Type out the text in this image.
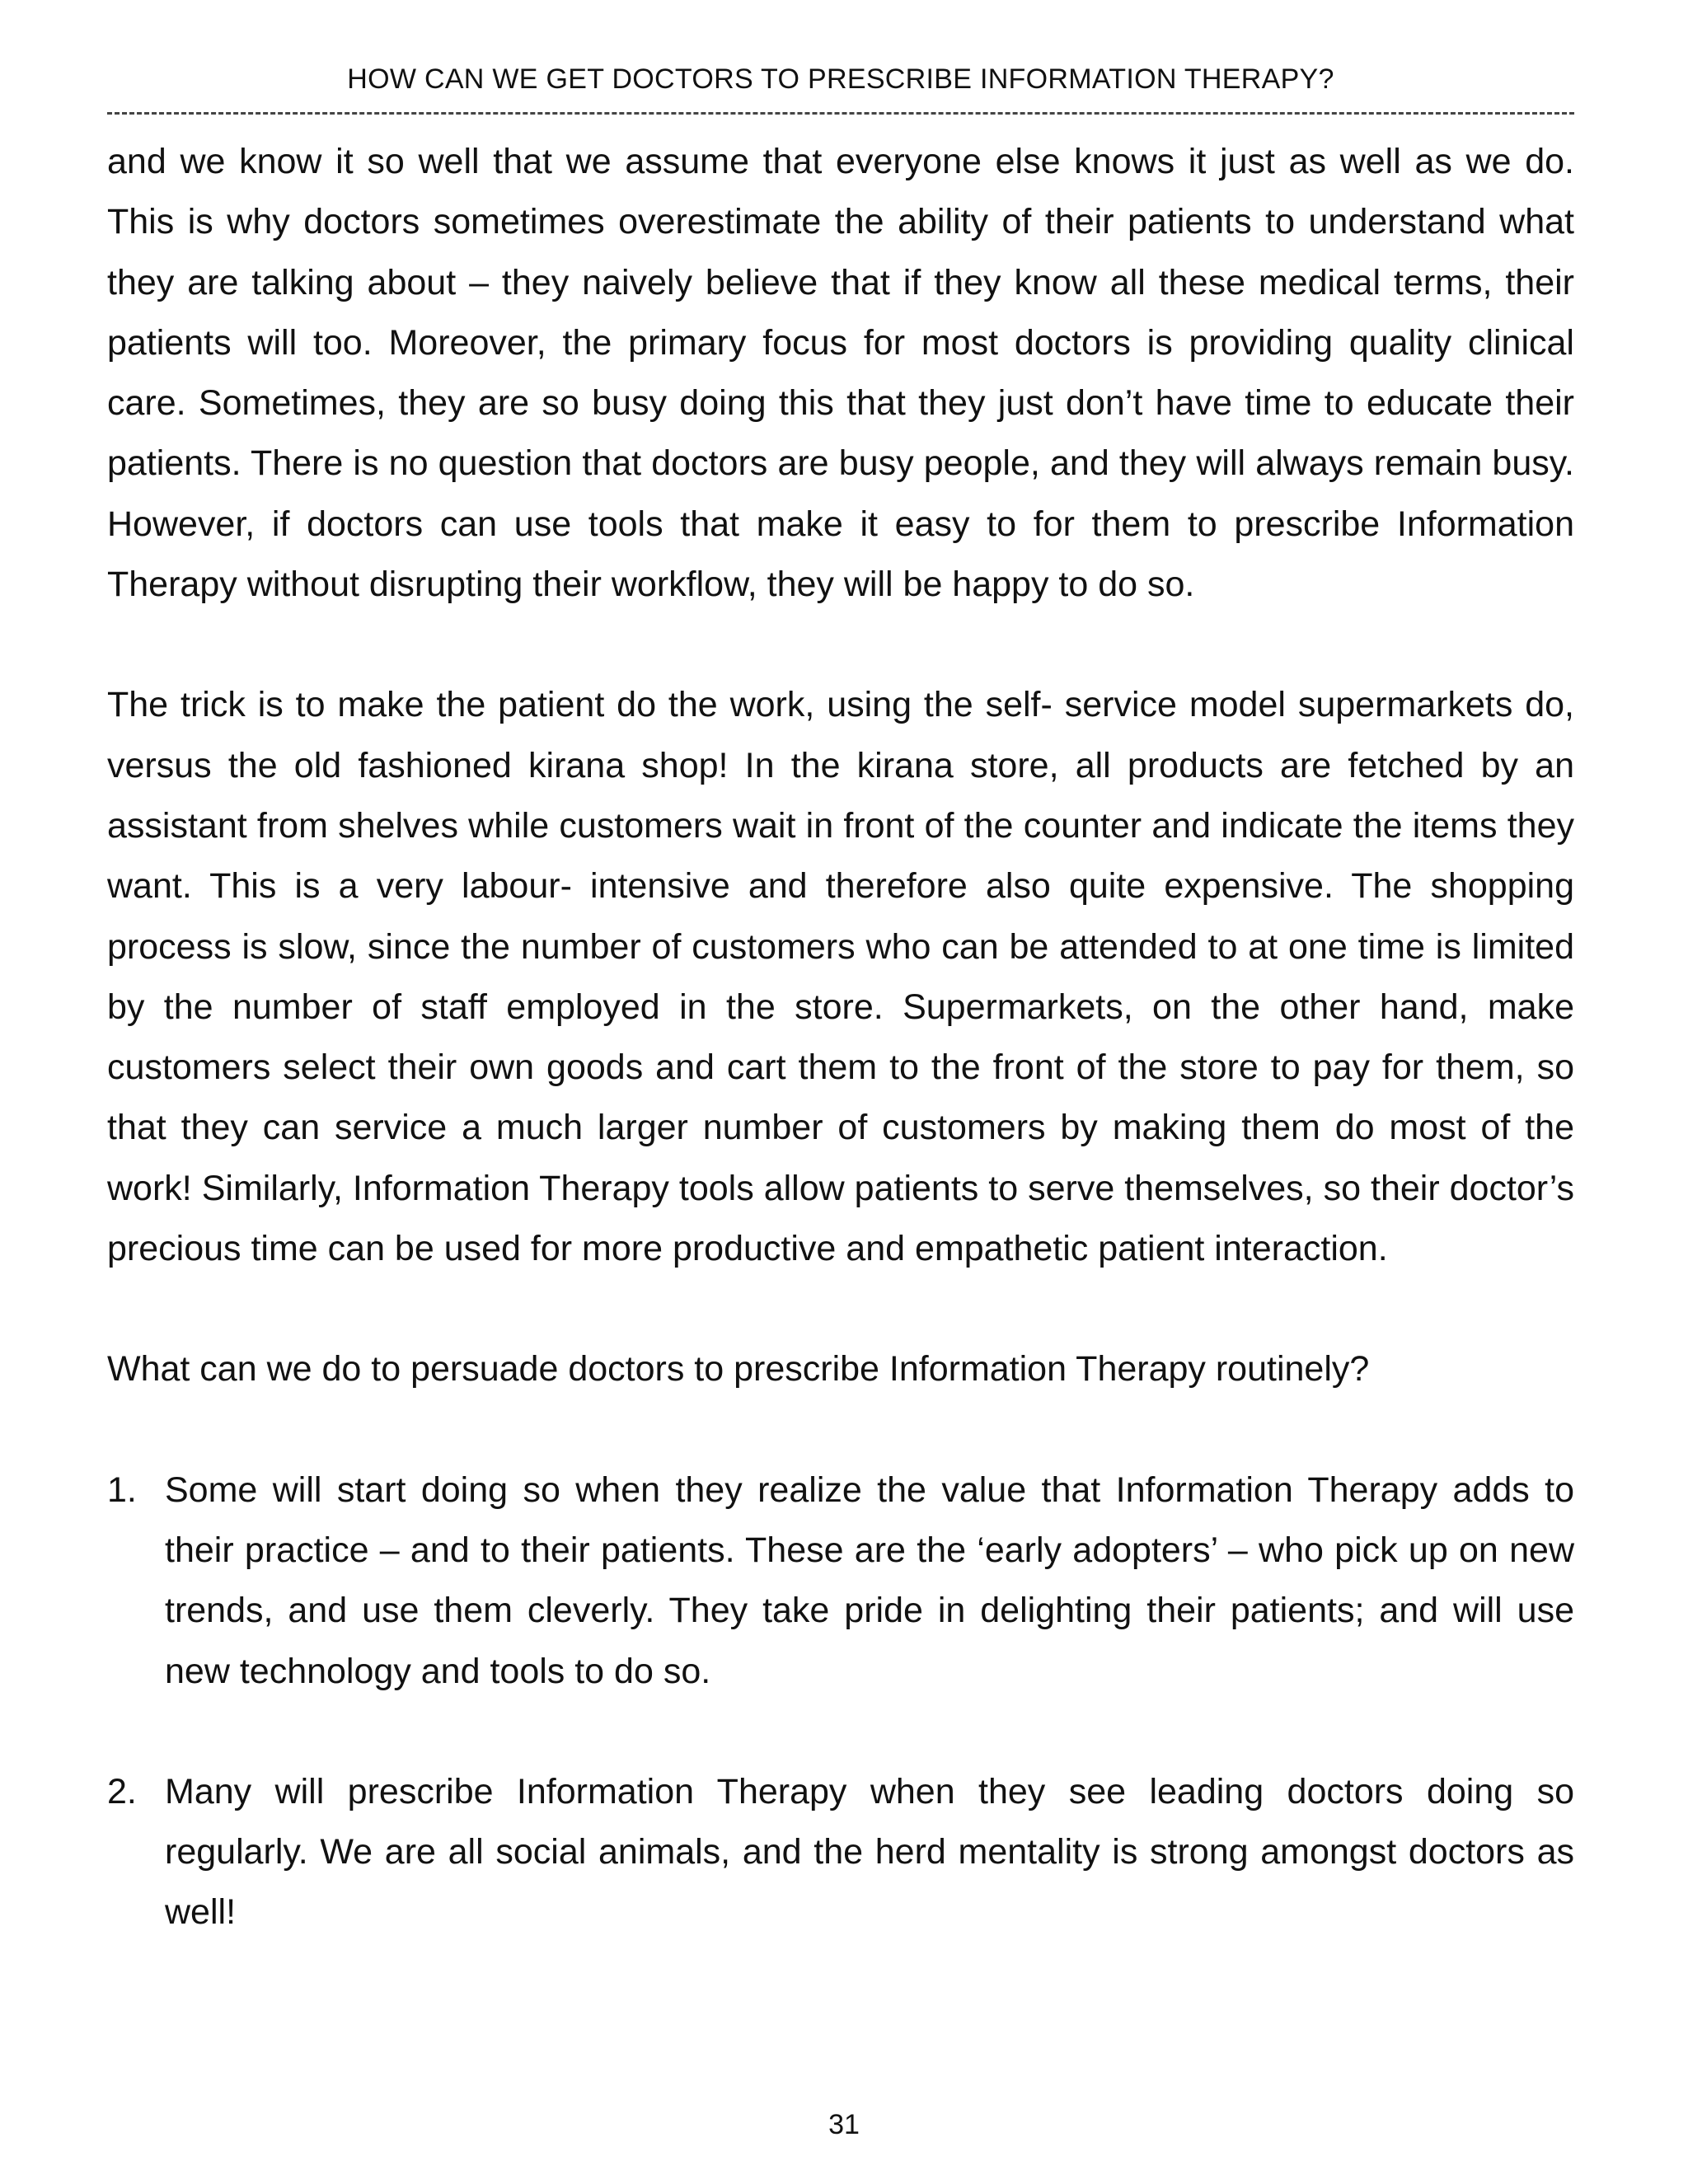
HOW CAN WE GET DOCTORS TO PRESCRIBE INFORMATION THERAPY?

and we know it so well that we assume that everyone else knows it just as well as we do. This is why doctors sometimes overestimate the ability of their patients to understand what they are talking about – they naively believe that if they know all these medical terms, their patients will too. Moreover, the primary focus for most doctors is providing quality clinical care. Sometimes, they are so busy doing this that they just don’t have time to educate their patients. There is no question that doctors are busy people, and they will always remain busy. However, if doctors can use tools that make it easy to for them to prescribe Information Therapy without disrupting their workflow, they will be happy to do so.

The trick is to make the patient do the work, using the self- service model supermarkets do, versus the old fashioned kirana shop! In the kirana store, all products are fetched by an assistant from shelves while customers wait in front of the counter and indicate the items they want. This is a very labour- intensive and therefore also quite expensive. The shopping process is slow, since the number of customers who can be attended to at one time is limited by the number of staff employed in the store. Supermarkets, on the other hand, make customers select their own goods and cart them to the front of the store to pay for them, so that they can service a much larger number of customers by making them do most of the work! Similarly, Information Therapy tools allow patients to serve themselves, so their doctor’s precious time can be used for more productive and empathetic patient interaction.

What can we do to persuade doctors to prescribe Information Therapy routinely?

1. Some will start doing so when they realize the value that Information Therapy adds to their practice – and to their patients. These are the ‘early adopters’ – who pick up on new trends, and use them cleverly. They take pride in delighting their patients; and will use new technology and tools to do so.

2. Many will prescribe Information Therapy when they see leading doctors doing so regularly. We are all social animals, and the herd mentality is strong amongst doctors as well!

31
